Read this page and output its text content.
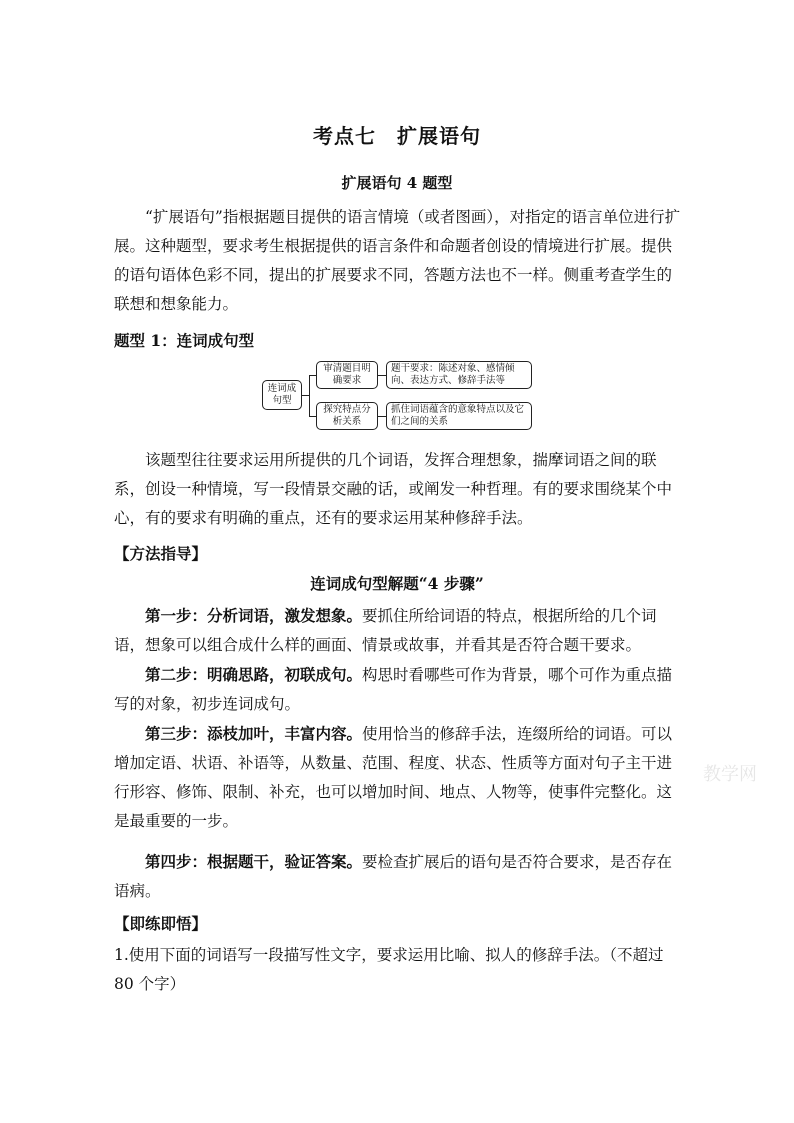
考点七　扩展语句
扩展语句 4 题型

“扩展语句”指根据题目提供的语言情境（或者图画），对指定的语言单位进行扩展。这种题型，要求考生根据提供的语言条件和命题者创设的情境进行扩展。提供的语句语体色彩不同，提出的扩展要求不同，答题方法也不一样。侧重考查学生的联想和想象能力。

题型 1：连词成句型
连词成句型
审清题目明确要求
题干要求：陈述对象、感情倾向、表达方式、修辞手法等
探究特点分析关系
抓住词语蕴含的意象特点以及它们之间的关系

该题型往往要求运用所提供的几个词语，发挥合理想象，揣摩词语之间的联系，创设一种情境，写一段情景交融的话，或阐发一种哲理。有的要求围绕某个中心，有的要求有明确的重点，还有的要求运用某种修辞手法。

【方法指导】
连词成句型解题“4 步骤”

第一步：分析词语，激发想象。要抓住所给词语的特点，根据所给的几个词语，想象可以组合成什么样的画面、情景或故事，并看其是否符合题干要求。

第二步：明确思路，初联成句。构思时看哪些可作为背景，哪个可作为重点描写的对象，初步连词成句。

第三步：添枝加叶，丰富内容。使用恰当的修辞手法，连缀所给的词语。可以增加定语、状语、补语等，从数量、范围、程度、状态、性质等方面对句子主干进行形容、修饰、限制、补充，也可以增加时间、地点、人物等，使事件完整化。这是最重要的一步。

第四步：根据题干，验证答案。要检查扩展后的语句是否符合要求，是否存在语病。

【即练即悟】

1.使用下面的词语写一段描写性文字，要求运用比喻、拟人的修辞手法。（不超过 80 个字）

教学网
